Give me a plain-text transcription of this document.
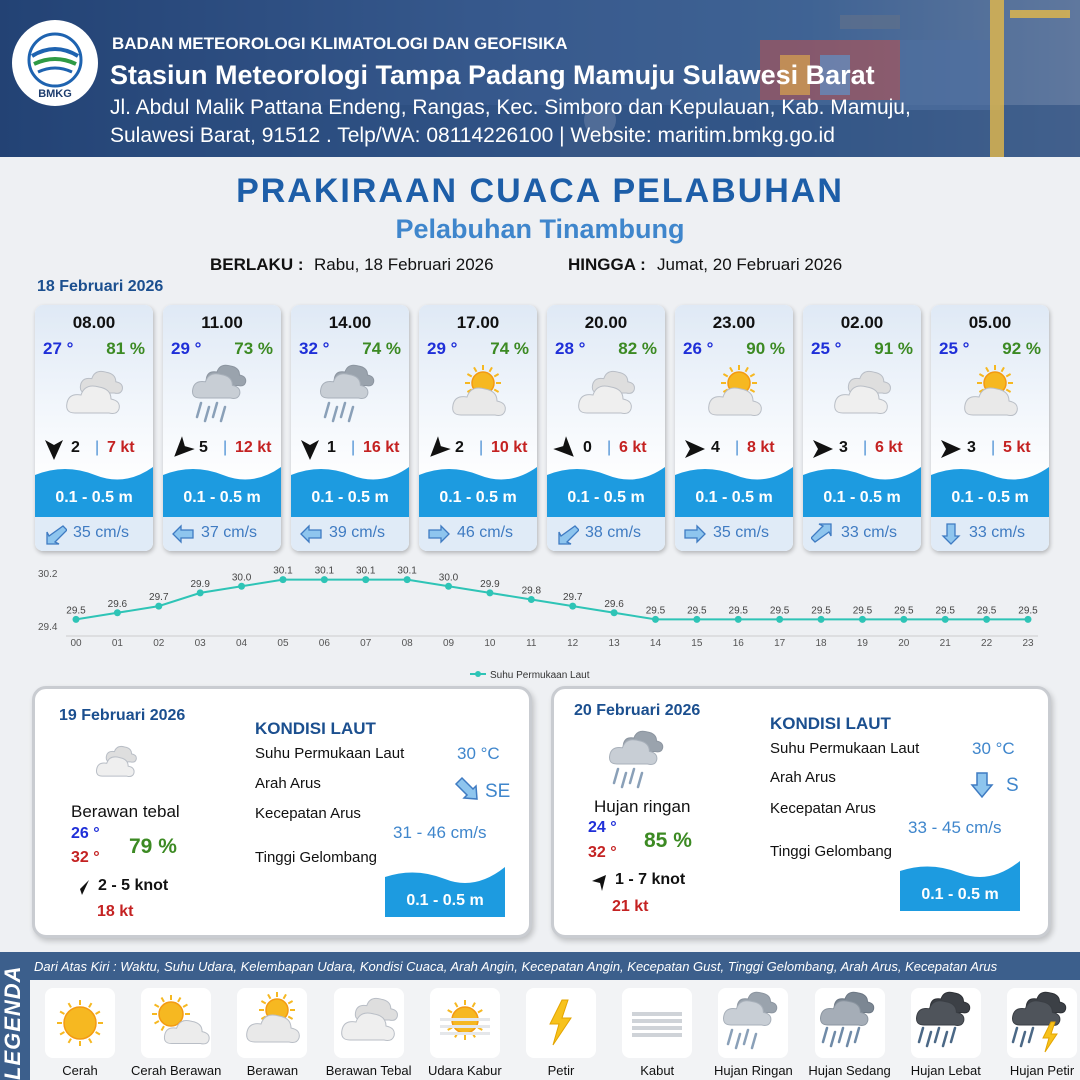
BMKG
BADAN METEOROLOGI KLIMATOLOGI DAN GEOFISIKA
Stasiun Meteorologi Tampa Padang Mamuju Sulawesi Barat
Jl. Abdul Malik Pattana Endeng, Rangas, Kec. Simboro dan Kepulauan, Kab. Mamuju,
Sulawesi Barat, 91512 . Telp/WA: 08114226100 | Website: maritim.bmkg.go.id
PRAKIRAAN CUACA PELABUHAN
Pelabuhan Tinambung
BERLAKU : Rabu, 18 Februari 2026	HINGGA : Jumat, 20 Februari 2026
18 Februari 2026
08.00
27 ° 81 %
2 | 7 kt
0.1 - 0.5 m
35 cm/s
11.00
29 ° 73 %
5 | 12 kt
0.1 - 0.5 m
37 cm/s
14.00
32 ° 74 %
1 | 16 kt
0.1 - 0.5 m
39 cm/s
17.00
29 ° 74 %
2 | 10 kt
0.1 - 0.5 m
46 cm/s
20.00
28 ° 82 %
0 | 6 kt
0.1 - 0.5 m
38 cm/s
23.00
26 ° 90 %
4 | 8 kt
0.1 - 0.5 m
35 cm/s
02.00
25 ° 91 %
3 | 6 kt
0.1 - 0.5 m
33 cm/s
05.00
25 ° 92 %
3 | 5 kt
0.1 - 0.5 m
33 cm/s
30.2
29.4
29.5
00
29.6
01
29.7
02
29.9
03
30.0
04
30.1
05
30.1
06
30.1
07
30.1
08
30.0
09
29.9
10
29.8
11
29.7
12
29.6
13
29.5
14
29.5
15
29.5
16
29.5
17
29.5
18
29.5
19
29.5
20
29.5
21
29.5
22
29.5
23
Suhu Permukaan Laut
19 Februari 2026
Berawan tebal
26 °
32 ° 79 %
2 - 5 knot
18 kt
KONDISI LAUT
Suhu Permukaan Laut	30 °C
Arah Arus	SE
Kecepatan Arus
31 - 46 cm/s
Tinggi Gelombang
0.1 - 0.5 m
20 Februari 2026
Hujan ringan
24 °
32 °
85 %
1 - 7 knot
21 kt
KONDISI LAUT
Suhu Permukaan Laut	30 °C
Arah Arus	S
Kecepatan Arus
33 - 45 cm/s
Tinggi Gelombang
0.1 - 0.5 m
LEGENDA Dari Atas Kiri : Waktu, Suhu Udara, Kelembapan Udara, Kondisi Cuaca, Arah Angin, Kecepatan Angin, Kecepatan Gust, Tinggi Gelombang, Arah Arus, Kecepatan Arus
Cerah	Cerah Berawan	Berawan	Berawan Tebal	Udara Kabur	Petir	Kabut	Hujan Ringan	Hujan Sedang	Hujan Lebat	Hujan Petir
